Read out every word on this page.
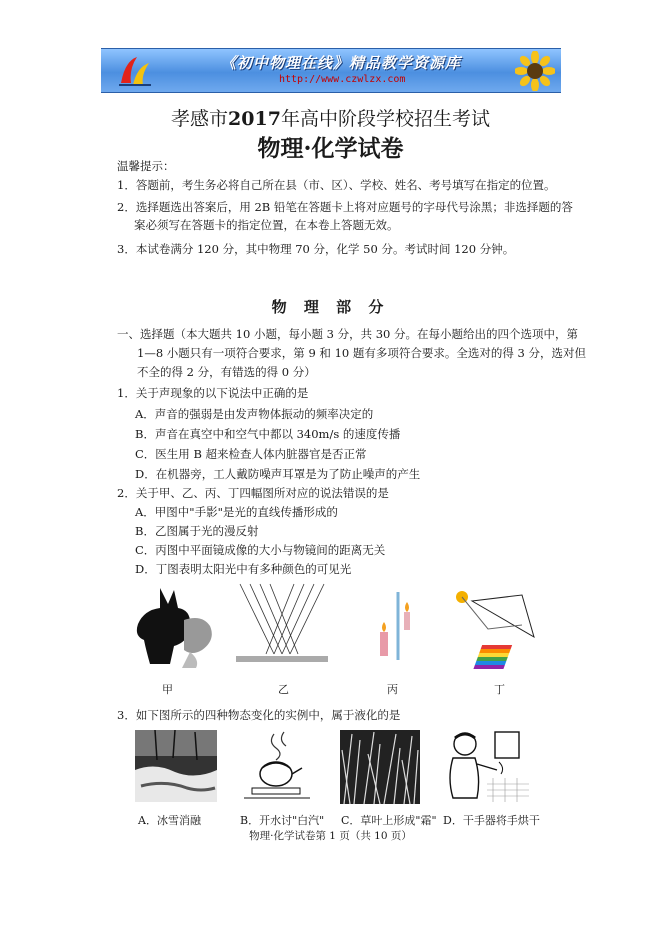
《初中物理在线》精品教学资源库
http://www.czwlzx.com
孝感市2017年高中阶段学校招生考试
物理·化学试卷
温馨提示：
1．答题前，考生务必将自己所在县（市、区）、学校、姓名、考号填写在指定的位置。
2．选择题选出答案后，用 2B 铅笔在答题卡上将对应题号的字母代号涂黑；非选择题的答
案必须写在答题卡的指定位置，在本卷上答题无效。
3．本试卷满分 120 分，其中物理 70 分，化学 50 分。考试时间 120 分钟。
物 理 部 分
一、选择题（本大题共 10 小题，每小题 3 分，共 30 分。在每小题给出的四个选项中，第
1—8 小题只有一项符合要求，第 9 和 10 题有多项符合要求。全选对的得 3 分，选对但
不全的得 2 分，有错选的得 0 分）
1．关于声现象的以下说法中正确的是
A．声音的强弱是由发声物体振动的频率决定的
B．声音在真空中和空气中都以 340m/s 的速度传播
C．医生用 B 超来检查人体内脏器官是否正常
D．在机器旁，工人戴防噪声耳罩是为了防止噪声的产生
2．关于甲、乙、丙、丁四幅图所对应的说法错误的是
A．甲图中"手影"是光的直线传播形成的
B．乙图属于光的漫反射
C．丙图中平面镜成像的大小与物镜间的距离无关
D．丁图表明太阳光中有多种颜色的可见光
甲	乙	丙	丁
3．如下图所示的四种物态变化的实例中，属于液化的是
A．冰雪消融	B．开水讨"白汽" C．草叶上形成"霜" D．干手器将手烘干
物理·化学试卷第 1 页（共 10 页）
